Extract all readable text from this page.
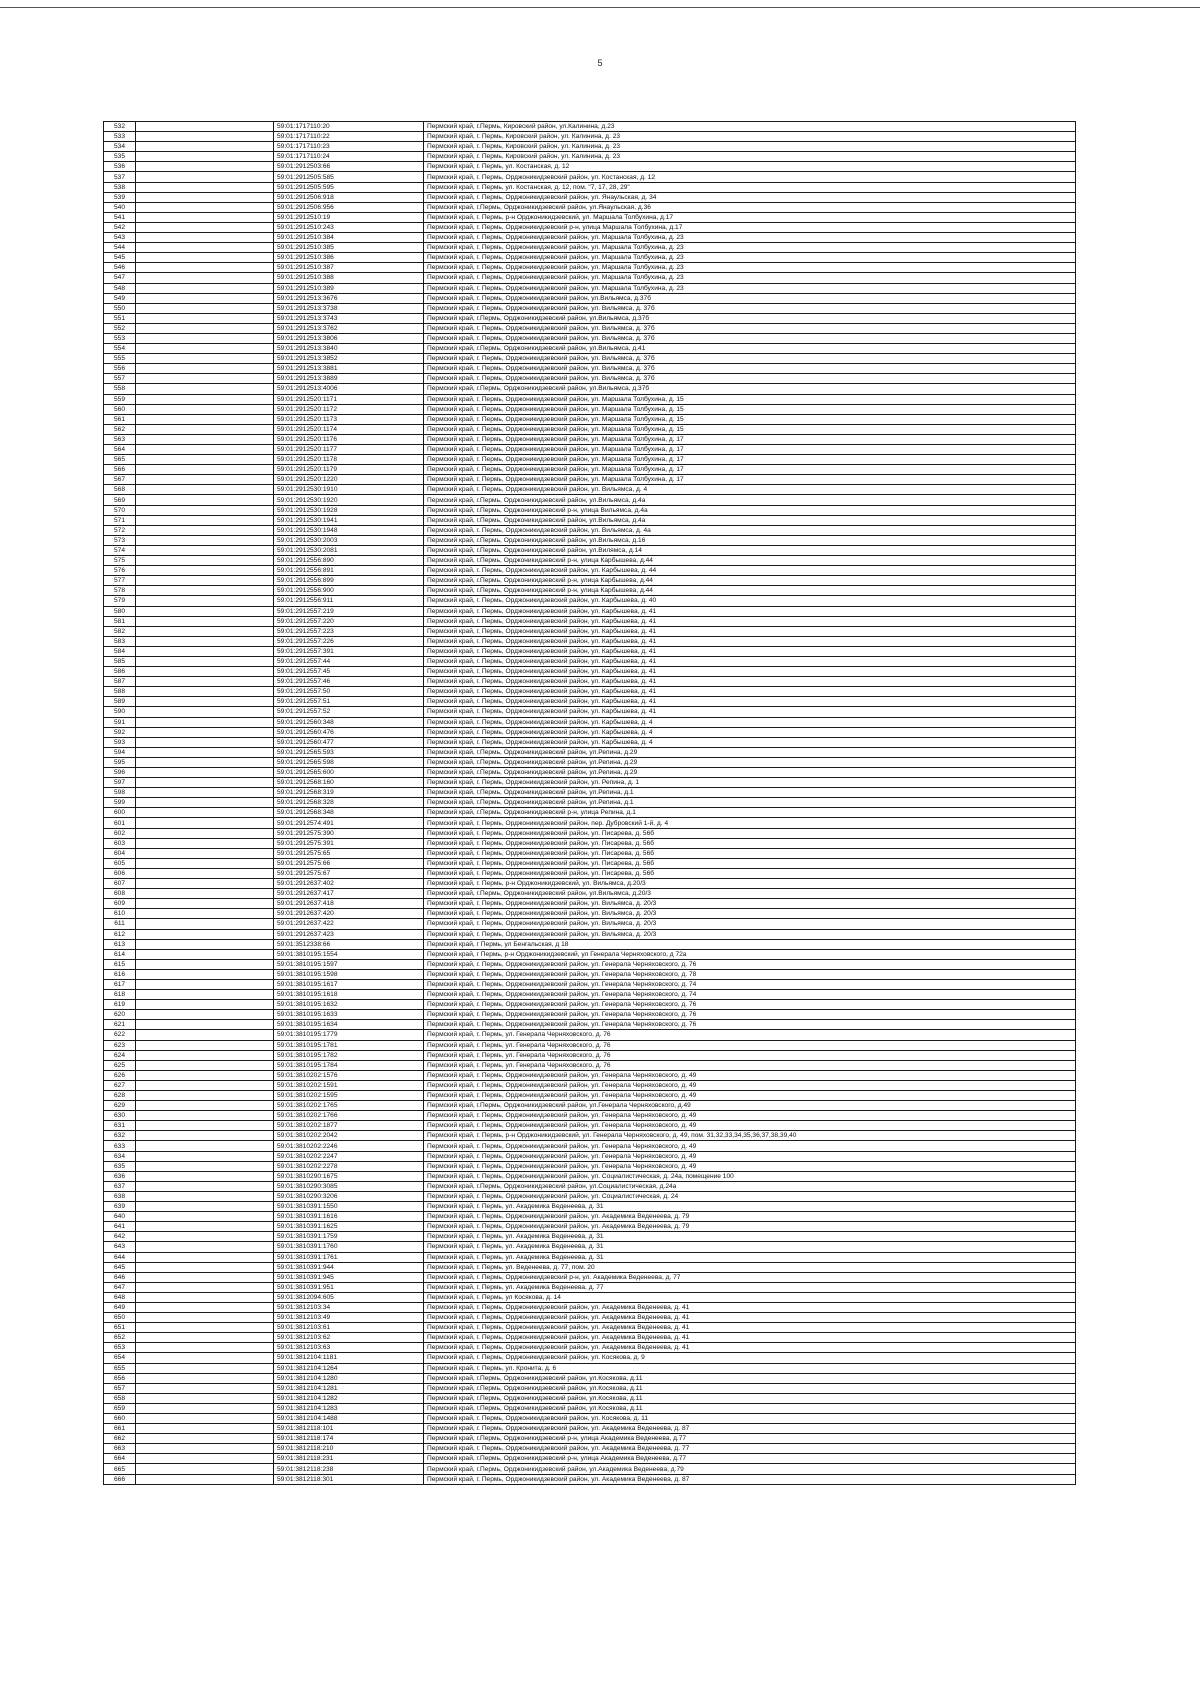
5
532		59:01:1717110:20	Пермский край, г.Пермь, Кировский район, ул.Калинина, д.23
533		59:01:1717110:22	Пермский край, г. Пермь, Кировский район, ул. Калинина, д. 23
534		59:01:1717110:23	Пермский край, г. Пермь, Кировский район, ул. Калинина, д. 23
535		59:01:1717110:24	Пермский край, г. Пермь, Кировский район, ул. Калинина, д. 23
536		59:01:2912503:66	Пермский край, г. Пермь, ул. Костанская, д. 12
537		59:01:2912505:585	Пермский край, г. Пермь, Орджоникидзевский район, ул. Костанская, д. 12
538		59:01:2912505:595	Пермский край, г. Пермь, ул. Костанская, д. 12, пом. "7, 17, 28, 29"
539		59:01:2912506:918	Пермский край, г. Пермь, Орджоникидзевский район, ул. Янаульская, д. 34
540		59:01:2912506:956	Пермский край, г.Пермь, Орджоникидзевский район, ул.Янаульская, д.36
541		59:01:2912510:19	Пермский край, г. Пермь, р-н Орджоникидзевский, ул. Маршала Толбухина, д.17
542		59:01:2912510:243	Пермский край, г. Пермь, Орджоникидзевский р-н, улица Маршала Толбухина, д.17
543		59:01:2912510:384	Пермский край, г. Пермь, Орджоникидзевский район, ул. Маршала Толбухина, д. 23
544		59:01:2912510:385	Пермский край, г. Пермь, Орджоникидзевский район, ул. Маршала Толбухина, д. 23
545		59:01:2912510:386	Пермский край, г. Пермь, Орджоникидзевский район, ул. Маршала Толбухина, д. 23
546		59:01:2912510:387	Пермский край, г. Пермь, Орджоникидзевский район, ул. Маршала Толбухина, д. 23
547		59:01:2912510:388	Пермский край, г. Пермь, Орджоникидзевский район, ул. Маршала Толбухина, д. 23
548		59:01:2912510:389	Пермский край, г. Пермь, Орджоникидзевский район, ул. Маршала Толбухина, д. 23
549		59:01:2912513:3676	Пермский край, г. Пермь, Орджоникидзевский район, ул.Вильямса, д.37б
550		59:01:2912513:3738	Пермский край, г. Пермь, Орджоникидзевский район, ул. Вильямса, д. 37б
551		59:01:2912513:3743	Пермский край, г.Пермь, Орджоникидзевский район, ул.Вильямса, д.37б
552		59:01:2912513:3762	Пермский край, г. Пермь, Орджоникидзевский район, ул. Вильямса, д. 37б
553		59:01:2912513:3806	Пермский край, г. Пермь, Орджоникидзевский район, ул. Вильямса, д. 37б
554		59:01:2912513:3840	Пермский край, г.Пермь, Орджоникидзевский район, ул.Вильямса, д.41
555		59:01:2912513:3852	Пермский край, г. Пермь, Орджоникидзевский район, ул. Вильямса, д. 37б
556		59:01:2912513:3881	Пермский край, г. Пермь, Орджоникидзевский район, ул. Вильямса, д. 37б
557		59:01:2912513:3889	Пермский край, г. Пермь, Орджоникидзевский район, ул. Вильямса, д. 37б
558		59:01:2912513:4006	Пермский край, г.Пермь, Орджоникидзевский район, ул.Вильямса, д.37б
559		59:01:2912520:1171	Пермский край, г. Пермь, Орджоникидзевский район, ул. Маршала Толбухина, д. 15
560		59:01:2912520:1172	Пермский край, г. Пермь, Орджоникидзевский район, ул. Маршала Толбухина, д. 15
561		59:01:2912520:1173	Пермский край, г. Пермь, Орджоникидзевский район, ул. Маршала Толбухина, д. 15
562		59:01:2912520:1174	Пермский край, г. Пермь, Орджоникидзевский район, ул. Маршала Толбухина, д. 15
563		59:01:2912520:1176	Пермский край, г. Пермь, Орджоникидзевский район, ул. Маршала Толбухина, д. 17
564		59:01:2912520:1177	Пермский край, г. Пермь, Орджоникидзевский район, ул. Маршала Толбухина, д. 17
565		59:01:2912520:1178	Пермский край, г. Пермь, Орджоникидзевский район, ул. Маршала Толбухина, д. 17
566		59:01:2912520:1179	Пермский край, г. Пермь, Орджоникидзевский район, ул. Маршала Толбухина, д. 17
567		59:01:2912520:1220	Пермский край, г. Пермь, Орджоникидзевский район, ул. Маршала Толбухина, д. 17
568		59:01:2912530:1910	Пермский край, г. Пермь, Орджоникидзевский район, ул. Вильямса, д. 4
569		59:01:2912530:1920	Пермский край, г.Пермь, Орджоникидзевский район, ул.Вильямса, д.4а
570		59:01:2912530:1928	Пермский край, г.Пермь, Орджоникидзевский р-н, улица Вильямса, д.4а
571		59:01:2912530:1941	Пермский край, г.Пермь, Орджоникидзевский район, ул.Вильямса, д.4а
572		59:01:2912530:1948	Пермский край, г. Пермь, Орджоникидзевский район, ул. Вильямса, д. 4а
573		59:01:2912530:2003	Пермский край, г.Пермь, Орджоникидзевский район, ул.Вильямса, д.16
574		59:01:2912530:2081	Пермский край, г.Пермь, Орджоникидзевский район, ул.Вилямса, д.14
575		59:01:2912556:890	Пермский край, г.Пермь, Орджоникидзевский р-н, улица Карбышева, д.44
576		59:01:2912556:891	Пермский край, г. Пермь, Орджоникидзевский район, ул. Карбышева, д. 44
577		59:01:2912556:899	Пермский край, г.Пермь, Орджоникидзевский р-н, улица Карбышева, д.44
578		59:01:2912556:900	Пермский край, г.Пермь, Орджоникидзевский р-н, улица Карбышева, д.44
579		59:01:2912556:911	Пермский край, г. Пермь, Орджоникидзевский район, ул. Карбышева, д. 40
580		59:01:2912557:219	Пермский край, г. Пермь, Орджоникидзевский район, ул. Карбышева, д. 41
581		59:01:2912557:220	Пермский край, г. Пермь, Орджоникидзевский район, ул. Карбышева, д. 41
582		59:01:2912557:223	Пермский край, г. Пермь, Орджоникидзевский район, ул. Карбышева, д. 41
583		59:01:2912557:226	Пермский край, г. Пермь, Орджоникидзевский район, ул. Карбышева, д. 41
584		59:01:2912557:391	Пермский край, г. Пермь, Орджоникидзевский район, ул. Карбышева, д. 41
585		59:01:2912557:44	Пермский край, г. Пермь, Орджоникидзевский район, ул. Карбышева, д. 41
586		59:01:2912557:45	Пермский край, г. Пермь, Орджоникидзевский район, ул. Карбышева, д. 41
587		59:01:2912557:46	Пермский край, г. Пермь, Орджоникидзевский район, ул. Карбышева, д. 41
588		59:01:2912557:50	Пермский край, г. Пермь, Орджоникидзевский район, ул. Карбышева, д. 41
589		59:01:2912557:51	Пермский край, г. Пермь, Орджоникидзевский район, ул. Карбышева, д. 41
590		59:01:2912557:52	Пермский край, г. Пермь, Орджоникидзевский район, ул. Карбышева, д. 41
591		59:01:2912560:348	Пермский край, г. Пермь, Орджоникидзевский район, ул. Карбышева, д. 4
592		59:01:2912560:476	Пермский край, г. Пермь, Орджоникидзевский район, ул. Карбышева, д. 4
593		59:01:2912560:477	Пермский край, г. Пермь, Орджоникидзевский район, ул. Карбышева, д. 4
594		59:01:2912565:593	Пермский край, г.Пермь, Орджоникидзевский район, ул.Репина, д.29
595		59:01:2912565:598	Пермский край, г.Пермь, Орджоникидзевский район, ул.Репина, д.29
596		59:01:2912565:600	Пермский край, г.Пермь, Орджоникидзевский район, ул.Репина, д.29
597		59:01:2912568:160	Пермский край, г. Пермь, Орджоникидзевский район, ул. Репина, д. 1
598		59:01:2912568:319	Пермский край, г.Пермь, Орджоникидзевский район, ул.Репина, д.1
599		59:01:2912568:328	Пермский край, г.Пермь, Орджоникидзевский район, ул.Репина, д.1
600		59:01:2912568:348	Пермский край, г.Пермь, Орджоникидзевский р-н, улица Репина, д.1
601		59:01:2912574:491	Пермский край, г. Пермь, Орджоникидзевский район, пер. Дубровский 1-й, д. 4
602		59:01:2912575:390	Пермский край, г. Пермь, Орджоникидзевский район, ул. Писарева, д. 56б
603		59:01:2912575:391	Пермский край, г. Пермь, Орджоникидзевский район, ул. Писарева, д. 56б
604		59:01:2912575:65	Пермский край, г. Пермь, Орджоникидзевский район, ул. Писарева, д. 56б
605		59:01:2912575:66	Пермский край, г. Пермь, Орджоникидзевский район, ул. Писарева, д. 56б
606		59:01:2912575:67	Пермский край, г. Пермь, Орджоникидзевский район, ул. Писарева, д. 56б
607		59:01:2912637:402	Пермский край, г. Пермь, р-н Орджоникидзевский, ул. Вильямса, д.20/3
608		59:01:2912637:417	Пермский край, г.Пермь, Орджоникидзевский район, ул.Вильямса, д.20/3
609		59:01:2912637:418	Пермский край, г. Пермь, Орджоникидзевский район, ул. Вильямса, д. 20/3
610		59:01:2912637:420	Пермский край, г. Пермь, Орджоникидзевский район, ул. Вильямса, д. 20/3
611		59:01:2912637:422	Пермский край, г. Пермь, Орджоникидзевский район, ул. Вильямса, д. 20/3
612		59:01:2912637:423	Пермский край, г. Пермь, Орджоникидзевский район, ул. Вильямса, д. 20/3
613		59:01:3512338:66	Пермский край, г Пермь, ул Бенгальская, д 18
614		59:01:3810195:1554	Пермский край, г Пермь, р-н Орджоникидзевский, ул Генерала Черняховского, д 72а
615		59:01:3810195:1597	Пермский край, г. Пермь, Орджоникидзевский район, ул. Генерала Черняховского, д. 76
616		59:01:3810195:1598	Пермский край, г. Пермь, Орджоникидзевский район, ул. Генерала Черняховского, д. 78
617		59:01:3810195:1617	Пермский край, г. Пермь, Орджоникидзевский район, ул. Генерала Черняховского, д. 74
618		59:01:3810195:1618	Пермский край, г. Пермь, Орджоникидзевский район, ул. Генерала Черняховского, д. 74
619		59:01:3810195:1632	Пермский край, г. Пермь, Орджоникидзевский район, ул. Генерала Черняховского, д. 76
620		59:01:3810195:1633	Пермский край, г. Пермь, Орджоникидзевский район, ул. Генерала Черняховского, д. 76
621		59:01:3810195:1634	Пермский край, г. Пермь, Орджоникидзевский район, ул. Генерала Черняховского, д. 76
622		59:01:3810195:1779	Пермский край, г. Пермь, ул. Генерала Черняховского, д. 76
623		59:01:3810195:1781	Пермский край, г. Пермь, ул. Генерала Черняховского, д. 76
624		59:01:3810195:1782	Пермский край, г. Пермь, ул. Генерала Черняховского, д. 76
625		59:01:3810195:1784	Пермский край, г. Пермь, ул. Генерала Черняховского, д. 76
626		59:01:3810202:1576	Пермский край, г. Пермь, Орджоникидзевский район, ул. Генерала Черняховского, д. 49
627		59:01:3810202:1591	Пермский край, г. Пермь, Орджоникидзевский район, ул. Генерала Черняховского, д. 49
628		59:01:3810202:1595	Пермский край, г. Пермь, Орджоникидзевский район, ул. Генерала Черняховского, д. 49
629		59:01:3810202:1765	Пермский край, г.Пермь, Орджоникидзевский район, ул.Генерала Черняховского, д.49
630		59:01:3810202:1766	Пермский край, г. Пермь, Орджоникидзевский район, ул. Генерала Черняховского, д. 49
631		59:01:3810202:1877	Пермский край, г. Пермь, Орджоникидзевский район, ул. Генерала Черняховского, д. 49
632		59:01:3810202:2042	Пермский край, г. Пермь, р-н Орджоникидзевский, ул. Генерала Черняховского, д. 49, пом. 31,32,33,34,35,36,37,38,39,40
633		59:01:3810202:2246	Пермский край, г. Пермь, Орджоникидзевский район, ул. Генерала Черняховского, д. 49
634		59:01:3810202:2247	Пермский край, г. Пермь, Орджоникидзевский район, ул. Генерала Черняховского, д. 49
635		59:01:3810202:2278	Пермский край, г. Пермь, Орджоникидзевский район, ул. Генерала Черняховского, д. 49
636		59:01:3810290:1675	Пермский край, г. Пермь, Орджоникидзевский район, ул. Социалистическая, д. 24а, помещение 100
637		59:01:3810290:3085	Пермский край, г.Пермь, Орджоникидзевский район, ул.Социалистическая, д.24а
638		59:01:3810290:3206	Пермский край, г. Пермь, Орджоникидзевский район, ул. Социалистическая, д. 24
639		59:01:3810391:1550	Пермский край, г. Пермь, ул. Академика Веденеева, д. 31
640		59:01:3810391:1616	Пермский край, г. Пермь, Орджоникидзевский район, ул. Академика Веденеева, д. 79
641		59:01:3810391:1625	Пермский край, г. Пермь, Орджоникидзевский район, ул. Академика Веденеева, д. 79
642		59:01:3810391:1759	Пермский край, г. Пермь, ул. Академика Веденеева, д. 31
643		59:01:3810391:1760	Пермский край, г. Пермь, ул. Академика Веденеева, д. 31
644		59:01:3810391:1761	Пермский край, г. Пермь, ул. Академика Веденеева, д. 31
645		59:01:3810391:944	Пермский край, г. Пермь, ул. Веденеева, д. 77, пом. 20
646		59:01:3810391:945	Пермский край, г. Пермь, Орджоникидзевский р-н, ул. Академика Веденеева, д. 77
647		59:01:3810391:951	Пермский край, г. Пермь, ул. Академика Веденеева, д. 77
648		59:01:3812094:605	Пермский край, г. Пермь, ул Косякова, д. 14
649		59:01:3812103:34	Пермский край, г. Пермь, Орджоникидзевский район, ул. Академика Веденеева, д. 41
650		59:01:3812103:49	Пермский край, г. Пермь, Орджоникидзевский район, ул. Академика Веденеева, д. 41
651		59:01:3812103:61	Пермский край, г. Пермь, Орджоникидзевский район, ул. Академика Веденеева, д. 41
652		59:01:3812103:62	Пермский край, г. Пермь, Орджоникидзевский район, ул. Академика Веденеева, д. 41
653		59:01:3812103:63	Пермский край, г. Пермь, Орджоникидзевский район, ул. Академика Веденеева, д. 41
654		59:01:3812104:1181	Пермский край, г. Пермь, Орджоникидзевский район, ул. Косякова, д. 9
655		59:01:3812104:1264	Пермский край, г. Пермь, ул. Кронита, д. 6
656		59:01:3812104:1280	Пермский край, г.Пермь, Орджоникидзевский район, ул.Косякова, д.11
657		59:01:3812104:1281	Пермский край, г.Пермь, Орджоникидзевский район, ул.Косякова, д.11
658		59:01:3812104:1282	Пермский край, г.Пермь, Орджоникидзевский район, ул.Косякова, д.11
659		59:01:3812104:1283	Пермский край, г.Пермь, Орджоникидзевский район, ул.Косякова, д.11
660		59:01:3812104:1488	Пермский край, г. Пермь, Орджоникидзевский район, ул. Косякова, д. 11
661		59:01:3812118:101	Пермский край, г. Пермь, Орджоникидзевский район, ул. Академика Веденеева, д. 87
662		59:01:3812118:174	Пермский край, г.Пермь, Орджоникидзевский р-н, улица Академика Веденеева, д.77
663		59:01:3812118:210	Пермский край, г. Пермь, Орджоникидзевский район, ул. Академика Веденеева, д. 77
664		59:01:3812118:231	Пермский край, г.Пермь, Орджоникидзевский р-н, улица Академика Веденеева, д.77
665		59:01:3812118:238	Пермский край, г.Пермь, Орджоникидзевский район, ул.Академика Веденеева, д.79
666		59:01:3812118:301	Пермский край, г. Пермь, Орджоникидзевский район, ул. Академика Веденеева, д. 87
